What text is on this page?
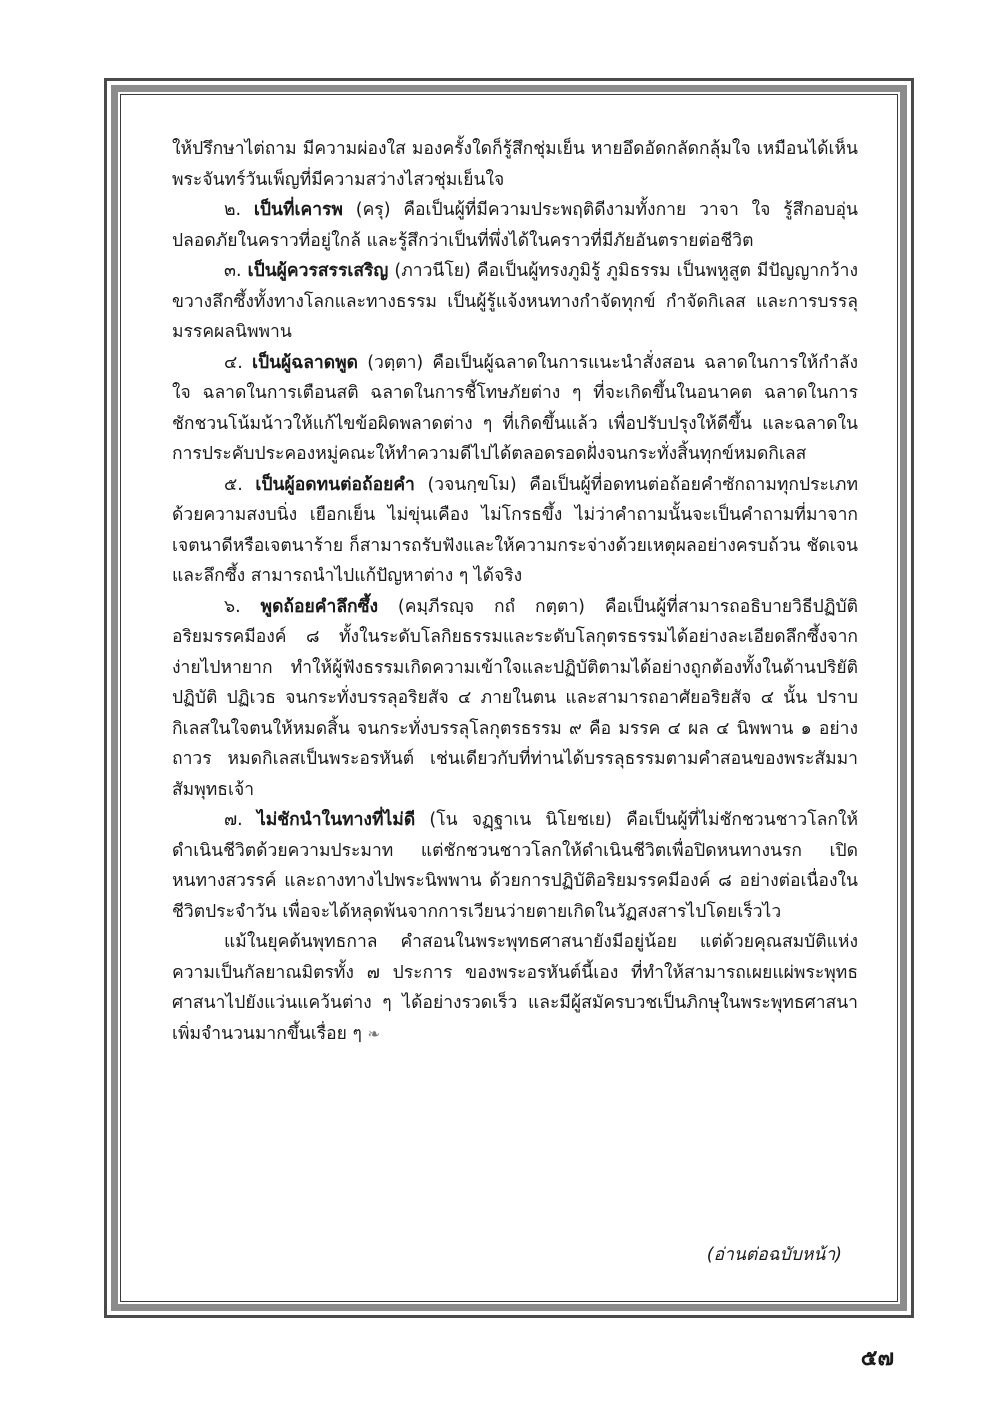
ให้ปรึกษาไต่ถาม มีความผ่องใส มองครั้งใดก็รู้สึกชุ่มเย็น หายอึดอัดกลัดกลุ้มใจ เหมือนได้เห็นพระจันทร์วันเพ็ญที่มีความสว่างไสวชุ่มเย็นใจ

๒. เป็นที่เคารพ (ครุ) คือเป็นผู้ที่มีความประพฤติดีงามทั้งกาย วาจา ใจ รู้สึกอบอุ่นปลอดภัยในคราวที่อยู่ใกล้ และรู้สึกว่าเป็นที่พึ่งได้ในคราวที่มีภัยอันตรายต่อชีวิต

๓. เป็นผู้ควรสรรเสริญ (ภาวนีโย) คือเป็นผู้ทรงภูมิรู้ ภูมิธรรม เป็นพหูสูต มีปัญญากว้างขวางลึกซึ้งทั้งทางโลกและทางธรรม เป็นผู้รู้แจ้งหนทางกำจัดทุกข์ กำจัดกิเลส และการบรรลุมรรคผลนิพพาน

๔. เป็นผู้ฉลาดพูด (วตฺตา) คือเป็นผู้ฉลาดในการแนะนำสั่งสอน ฉลาดในการให้กำลังใจ ฉลาดในการเตือนสติ ฉลาดในการชี้โทษภัยต่าง ๆ ที่จะเกิดขึ้นในอนาคต ฉลาดในการชักชวนโน้มน้าวให้แก้ไขข้อผิดพลาดต่าง ๆ ที่เกิดขึ้นแล้ว เพื่อปรับปรุงให้ดีขึ้น และฉลาดในการประคับประคองหมู่คณะให้ทำความดีไปได้ตลอดรอดฝั่งจนกระทั่งสิ้นทุกข์หมดกิเลส

๕. เป็นผู้อดทนต่อถ้อยคำ (วจนกฺขโม) คือเป็นผู้ที่อดทนต่อถ้อยคำซักถามทุกประเภทด้วยความสงบนิ่ง เยือกเย็น ไม่ขุ่นเคือง ไม่โกรธขึ้ง ไม่ว่าคำถามนั้นจะเป็นคำถามที่มาจากเจตนาดีหรือเจตนาร้าย ก็สามารถรับฟังและให้ความกระจ่างด้วยเหตุผลอย่างครบถ้วน ชัดเจนและลึกซึ้ง สามารถนำไปแก้ปัญหาต่าง ๆ ได้จริง

๖. พูดถ้อยคำลึกซึ้ง (คมฺภีรญฺจ กถํ กตฺตา) คือเป็นผู้ที่สามารถอธิบายวิธีปฏิบัติอริยมรรคมีองค์ ๘ ทั้งในระดับโลกิยธรรมและระดับโลกุตรธรรมได้อย่างละเอียดลึกซึ้งจากง่ายไปหายาก ทำให้ผู้ฟังธรรมเกิดความเข้าใจและปฏิบัติตามได้อย่างถูกต้องทั้งในด้านปริยัติ ปฏิบัติ ปฏิเวธ จนกระทั่งบรรลุอริยสัจ ๔ ภายในตน และสามารถอาศัยอริยสัจ ๔ นั้น ปราบกิเลสในใจตนให้หมดสิ้น จนกระทั่งบรรลุโลกุตรธรรม ๙ คือ มรรค ๔ ผล ๔ นิพพาน ๑ อย่างถาวร หมดกิเลสเป็นพระอรหันต์ เช่นเดียวกับที่ท่านได้บรรลุธรรมตามคำสอนของพระสัมมาสัมพุทธเจ้า

๗. ไม่ชักนำในทางที่ไม่ดี (โน จฏฺฐาเน นิโยชเย) คือเป็นผู้ที่ไม่ชักชวนชาวโลกให้ดำเนินชีวิตด้วยความประมาท แต่ชักชวนชาวโลกให้ดำเนินชีวิตเพื่อปิดหนทางนรก เปิดหนทางสวรรค์ และถางทางไปพระนิพพาน ด้วยการปฏิบัติอริยมรรคมีองค์ ๘ อย่างต่อเนื่องในชีวิตประจำวัน เพื่อจะได้หลุดพ้นจากการเวียนว่ายตายเกิดในวัฏสงสารไปโดยเร็วไว

แม้ในยุคต้นพุทธกาล คำสอนในพระพุทธศาสนายังมีอยู่น้อย แต่ด้วยคุณสมบัติแห่งความเป็นกัลยาณมิตรทั้ง ๗ ประการ ของพระอรหันต์นี้เอง ที่ทำให้สามารถเผยแผ่พระพุทธศาสนาไปยังแว่นแคว้นต่าง ๆ ได้อย่างรวดเร็ว และมีผู้สมัครบวชเป็นภิกษุในพระพุทธศาสนาเพิ่มจำนวนมากขึ้นเรื่อย ๆ ❧

(อ่านต่อฉบับหน้า)
๕๗
